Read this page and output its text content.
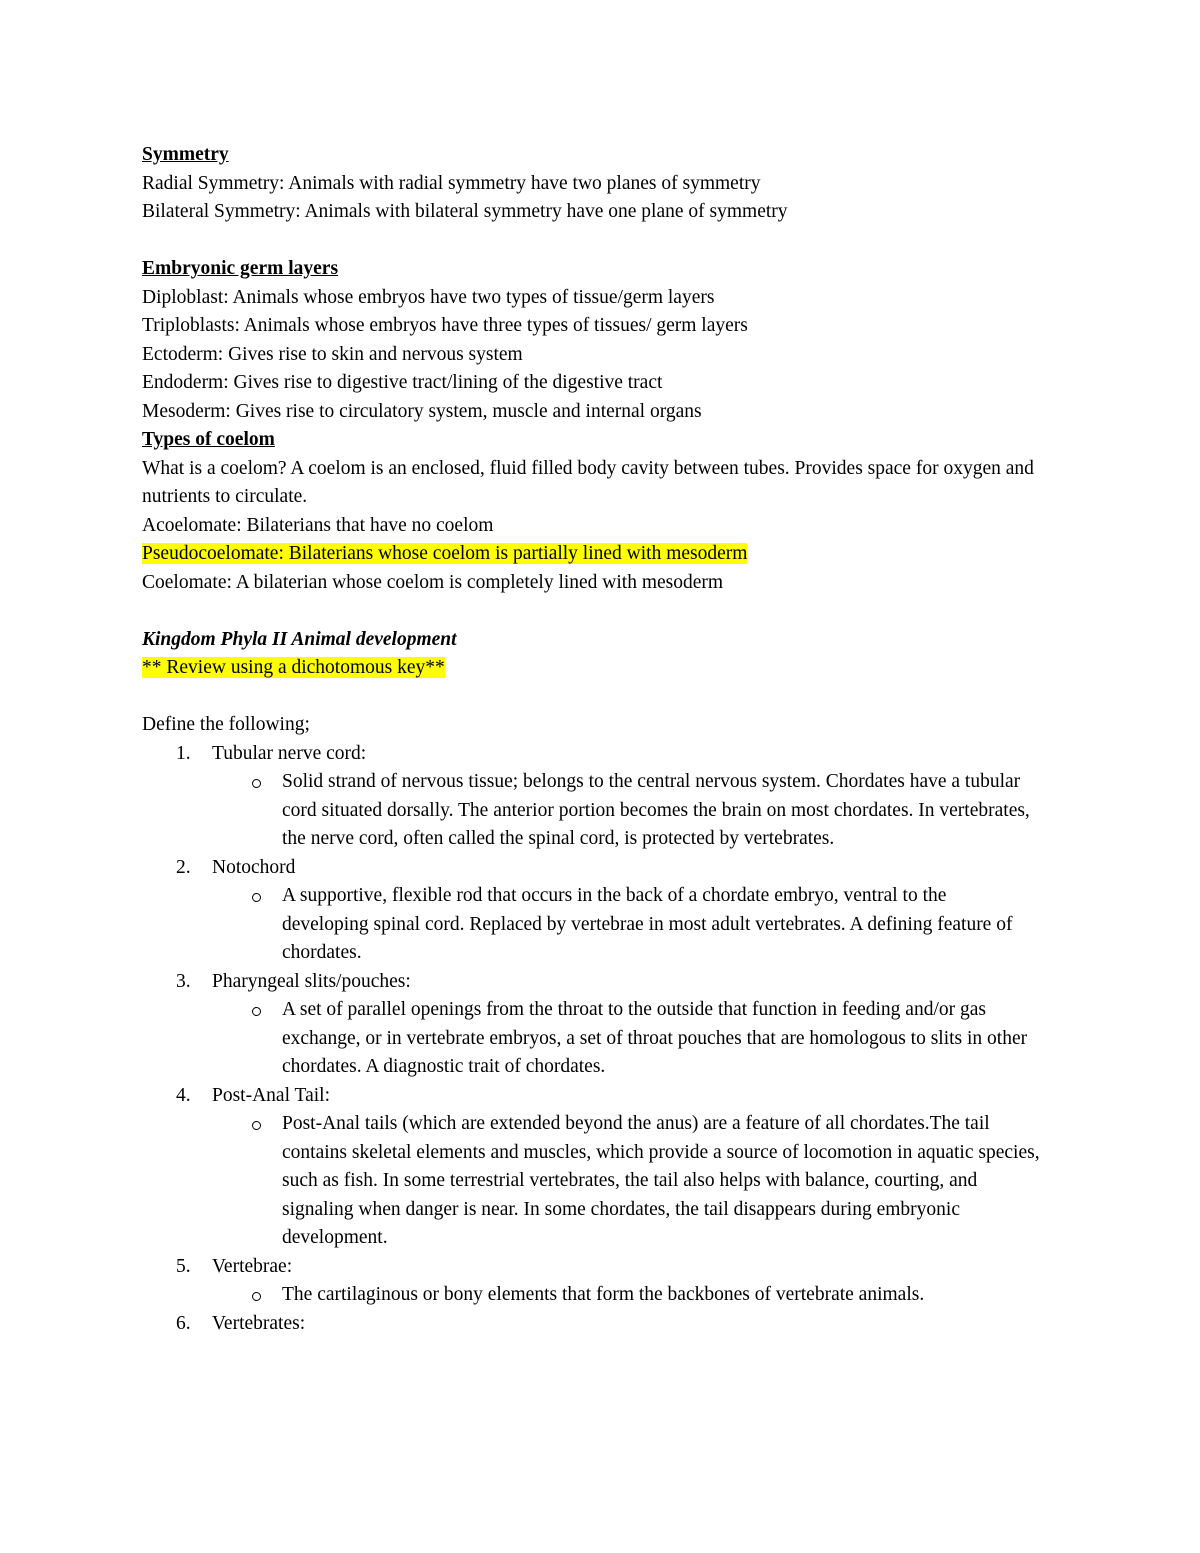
Symmetry

Radial Symmetry: Animals with radial symmetry have two planes of symmetry

Bilateral Symmetry: Animals with bilateral symmetry have one plane of symmetry

Embryonic germ layers

Diploblast: Animals whose embryos have two types of tissue/germ layers

Triploblasts: Animals whose embryos have three types of tissues/ germ layers

Ectoderm: Gives rise to skin and nervous system

Endoderm: Gives rise to digestive tract/lining of the digestive tract

Mesoderm: Gives rise to circulatory system, muscle and internal organs

Types of coelom

What is a coelom? A coelom is an enclosed, fluid filled body cavity between tubes. Provides space for oxygen and nutrients to circulate.

Acoelomate: Bilaterians that have no coelom

Pseudocoelomate: Bilaterians whose coelom is partially lined with mesoderm

Coelomate: A bilaterian whose coelom is completely lined with mesoderm

Kingdom Phyla II Animal development

** Review using a dichotomous key**

Define the following;

1. Tubular nerve cord:
Solid strand of nervous tissue; belongs to the central nervous system. Chordates have a tubular cord situated dorsally. The anterior portion becomes the brain on most chordates. In vertebrates, the nerve cord, often called the spinal cord, is protected by vertebrates.
2. Notochord
A supportive, flexible rod that occurs in the back of a chordate embryo, ventral to the developing spinal cord. Replaced by vertebrae in most adult vertebrates. A defining feature of chordates.
3. Pharyngeal slits/pouches:
A set of parallel openings from the throat to the outside that function in feeding and/or gas exchange, or in vertebrate embryos, a set of throat pouches that are homologous to slits in other chordates. A diagnostic trait of chordates.
4. Post-Anal Tail:
Post-Anal tails (which are extended beyond the anus) are a feature of all chordates.The tail contains skeletal elements and muscles, which provide a source of locomotion in aquatic species, such as fish. In some terrestrial vertebrates, the tail also helps with balance, courting, and signaling when danger is near. In some chordates, the tail disappears during embryonic development.
5. Vertebrae:
The cartilaginous or bony elements that form the backbones of vertebrate animals.
6. Vertebrates:
